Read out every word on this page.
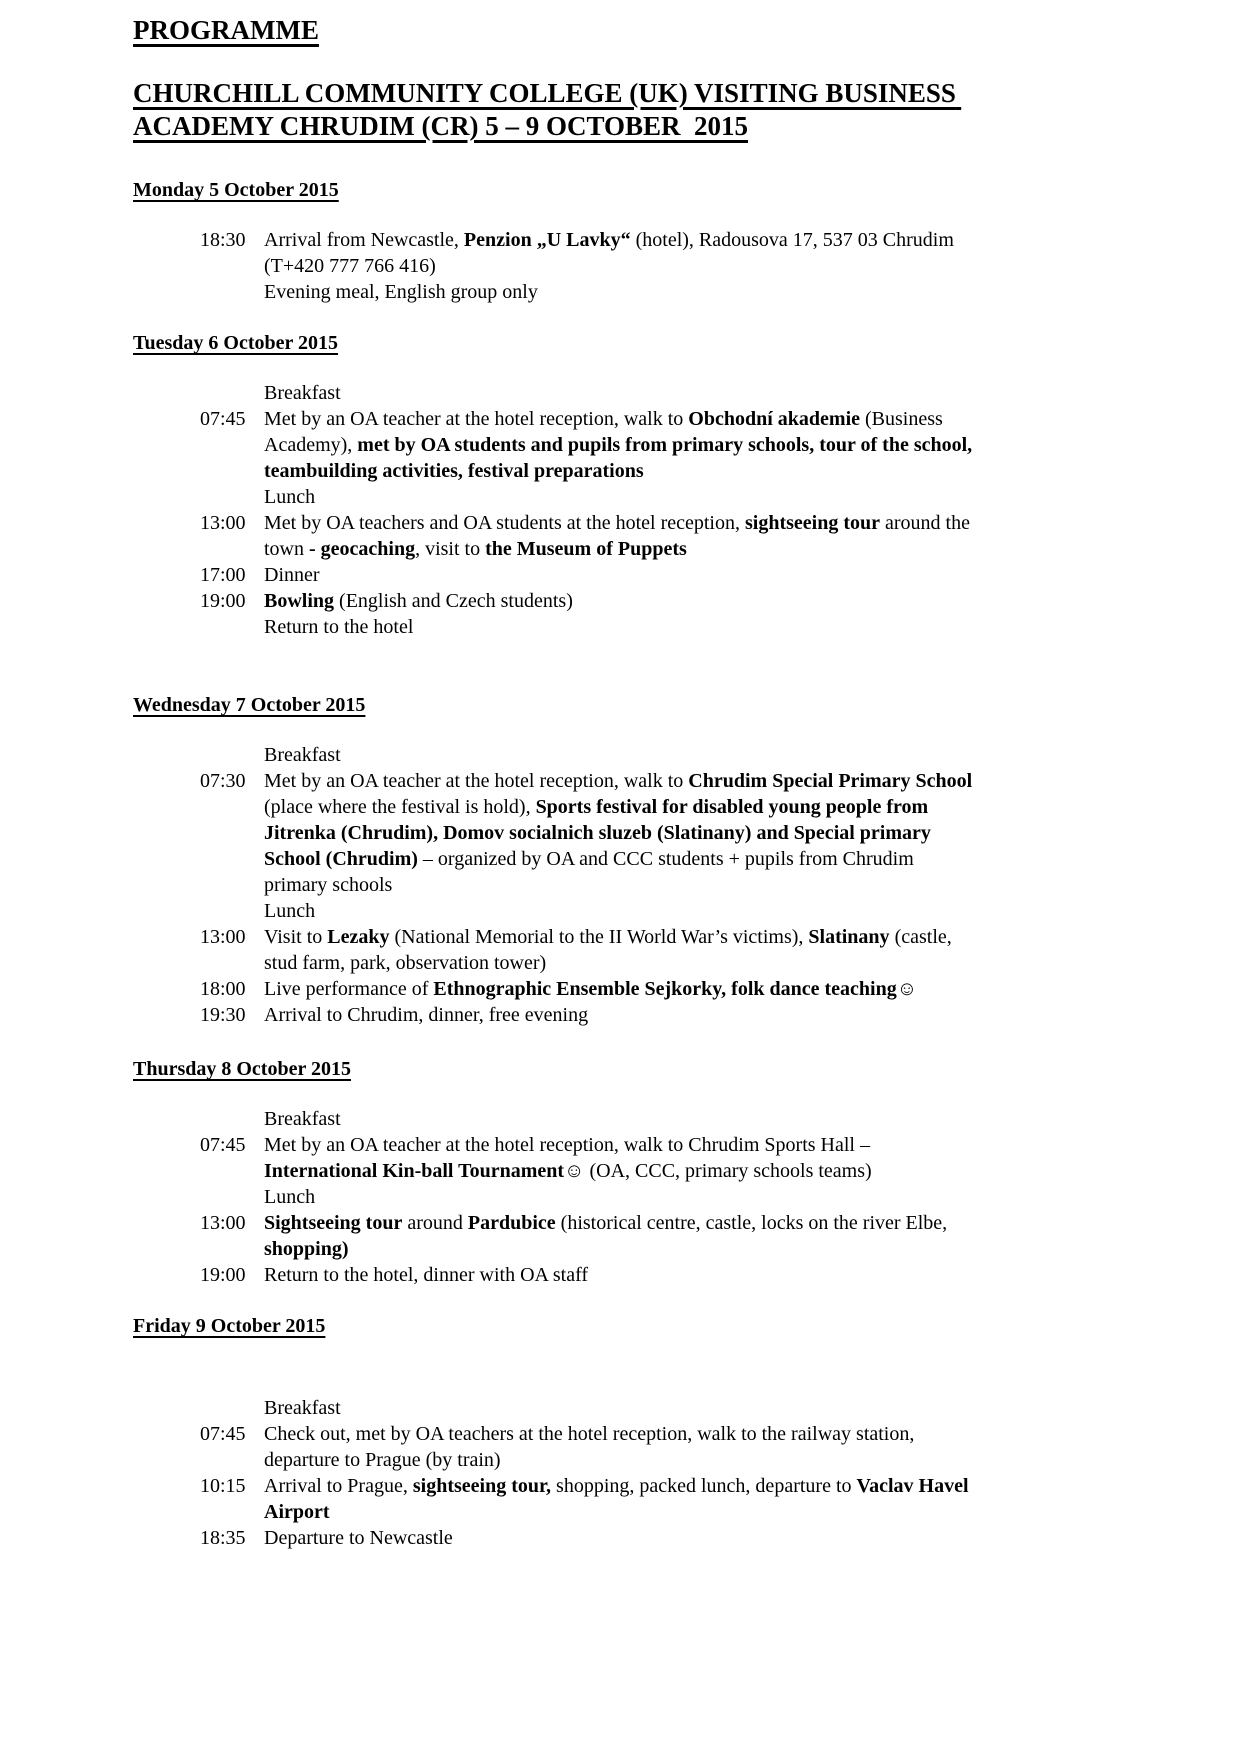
PROGRAMME
CHURCHILL COMMUNITY COLLEGE (UK) VISITING BUSINESS ACADEMY CHRUDIM (CR) 5 – 9 OCTOBER  2015
Monday 5 October 2015
18:30 Arrival from Newcastle, Penzion „U Lavky“ (hotel), Radousova 17, 537 03 Chrudim (T+420 777 766 416)
Evening meal, English group only
Tuesday 6 October 2015
Breakfast
07:45 Met by an OA teacher at the hotel reception, walk to Obchodní akademie (Business Academy), met by OA students and pupils from primary schools, tour of the school, teambuilding activities, festival preparations
Lunch
13:00 Met by OA teachers and OA students at the hotel reception, sightseeing tour around the town - geocaching, visit to the Museum of Puppets
17:00 Dinner
19:00 Bowling (English and Czech students)
Return to the hotel
Wednesday 7 October 2015
Breakfast
07:30 Met by an OA teacher at the hotel reception, walk to Chrudim Special Primary School (place where the festival is hold), Sports festival for disabled young people from Jitrenka (Chrudim), Domov socialnich sluzeb (Slatinany) and Special primary School (Chrudim) – organized by OA and CCC students + pupils from Chrudim primary schools
Lunch
13:00 Visit to Lezaky (National Memorial to the II World War’s victims), Slatinany (castle, stud farm, park, observation tower)
18:00 Live performance of Ethnographic Ensemble Sejkorky, folk dance teaching☺
19:30 Arrival to Chrudim, dinner, free evening
Thursday 8 October 2015
Breakfast
07:45 Met by an OA teacher at the hotel reception, walk to Chrudim Sports Hall – International Kin-ball Tournament☺ (OA, CCC, primary schools teams)
Lunch
13:00 Sightseeing tour around Pardubice (historical centre, castle, locks on the river Elbe, shopping)
19:00 Return to the hotel, dinner with OA staff
Friday 9 October 2015
Breakfast
07:45 Check out, met by OA teachers at the hotel reception, walk to the railway station, departure to Prague (by train)
10:15 Arrival to Prague, sightseeing tour, shopping, packed lunch, departure to Vaclav Havel Airport
18:35 Departure to Newcastle
